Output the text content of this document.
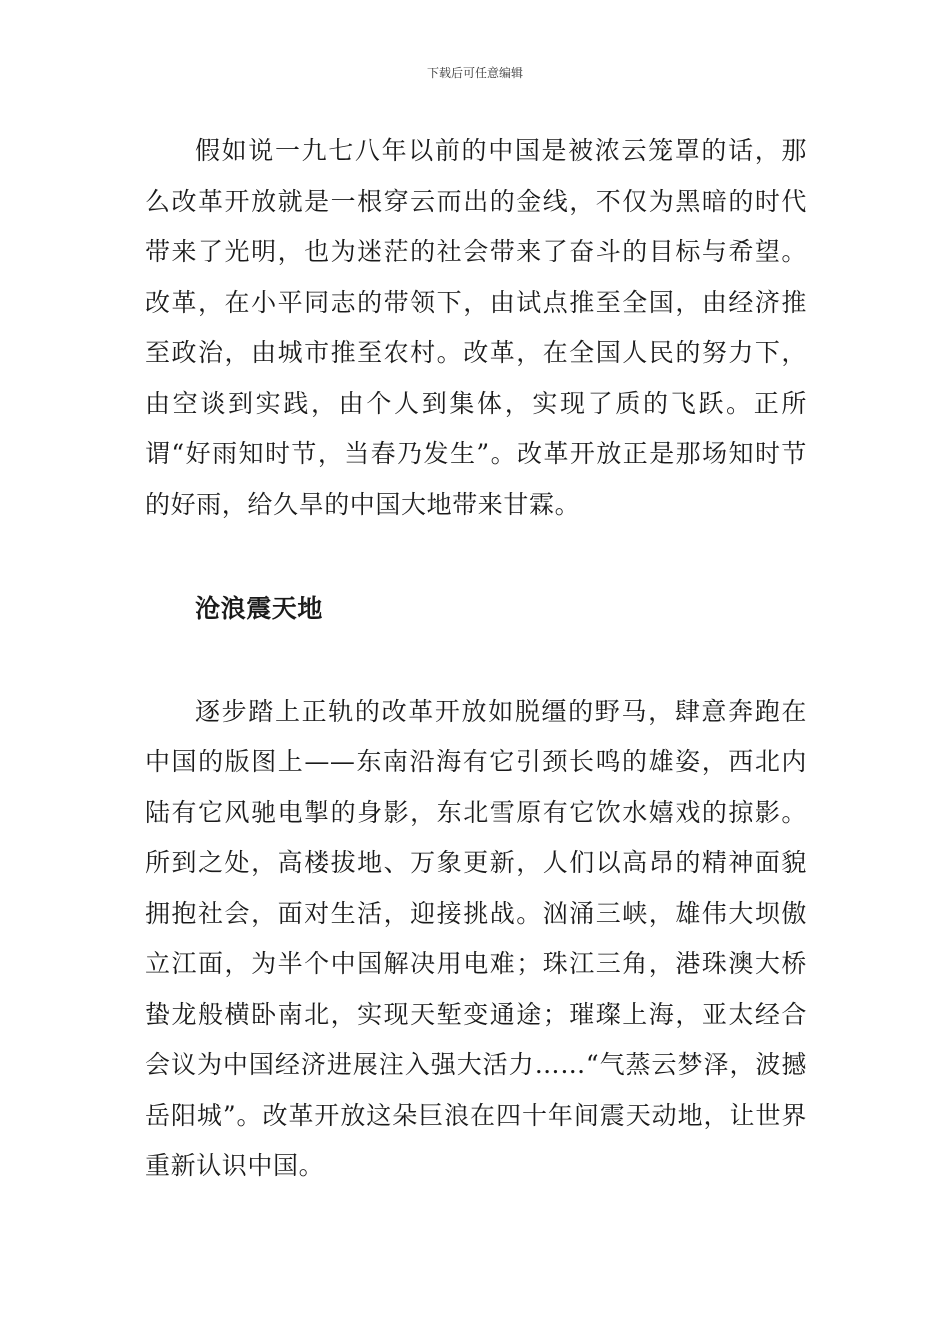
下载后可任意编辑

假如说一九七八年以前的中国是被浓云笼罩的话，那么改革开放就是一根穿云而出的金线，不仅为黑暗的时代带来了光明，也为迷茫的社会带来了奋斗的目标与希望。改革，在小平同志的带领下，由试点推至全国，由经济推至政治，由城市推至农村。改革，在全国人民的努力下，由空谈到实践，由个人到集体，实现了质的飞跃。正所谓“好雨知时节，当春乃发生”。改革开放正是那场知时节的好雨，给久旱的中国大地带来甘霖。

沧浪震天地

逐步踏上正轨的改革开放如脱缰的野马，肆意奔跑在中国的版图上——东南沿海有它引颈长鸣的雄姿，西北内陆有它风驰电掣的身影，东北雪原有它饮水嬉戏的掠影。所到之处，高楼拔地、万象更新，人们以高昂的精神面貌拥抱社会，面对生活，迎接挑战。汹涌三峡，雄伟大坝傲立江面，为半个中国解决用电难；珠江三角，港珠澳大桥蛰龙般横卧南北，实现天堑变通途；璀璨上海，亚太经合会议为中国经济进展注入强大活力……“气蒸云梦泽，波撼岳阳城”。改革开放这朵巨浪在四十年间震天动地，让世界重新认识中国。
